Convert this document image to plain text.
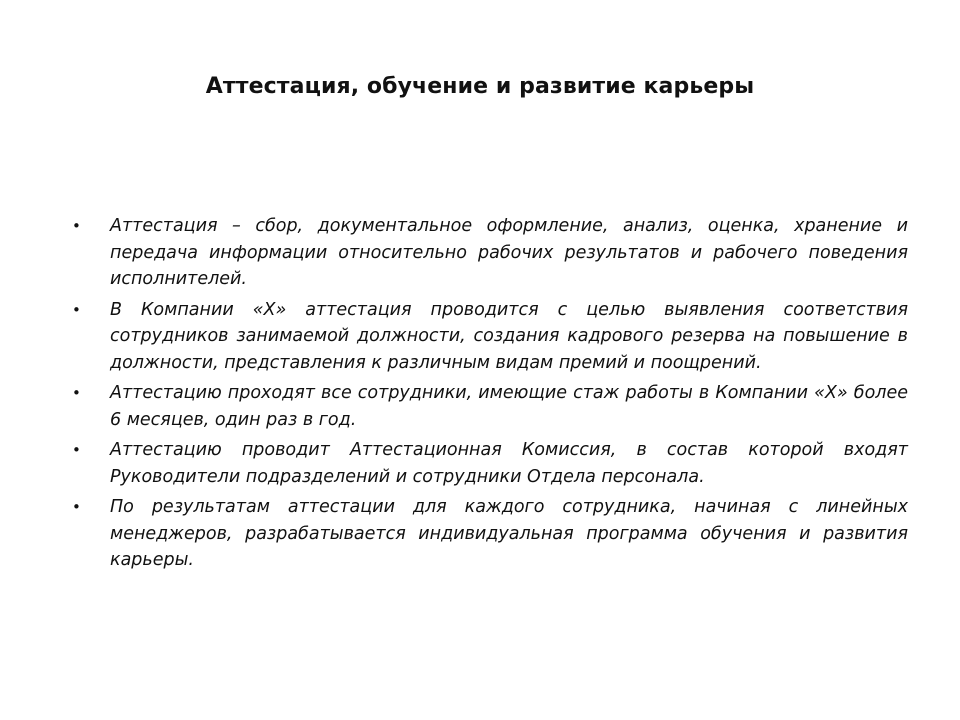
Аттестация, обучение и развитие карьеры
• Аттестация – сбор, документальное оформление, анализ, оценка, хранение и передача информации относительно рабочих результатов и рабочего поведения исполнителей.
• В Компании «Х» аттестация проводится с целью выявления соответствия сотрудников занимаемой должности, создания кадрового резерва на повышение в должности, представления к различным видам премий и поощрений.
• Аттестацию проходят все сотрудники, имеющие стаж работы в Компании «Х» более 6 месяцев, один раз в год.
• Аттестацию проводит Аттестационная Комиссия, в состав которой входят Руководители подразделений и сотрудники Отдела персонала.
• По результатам аттестации для каждого сотрудника, начиная с линейных менеджеров, разрабатывается индивидуальная программа обучения и развития карьеры.
